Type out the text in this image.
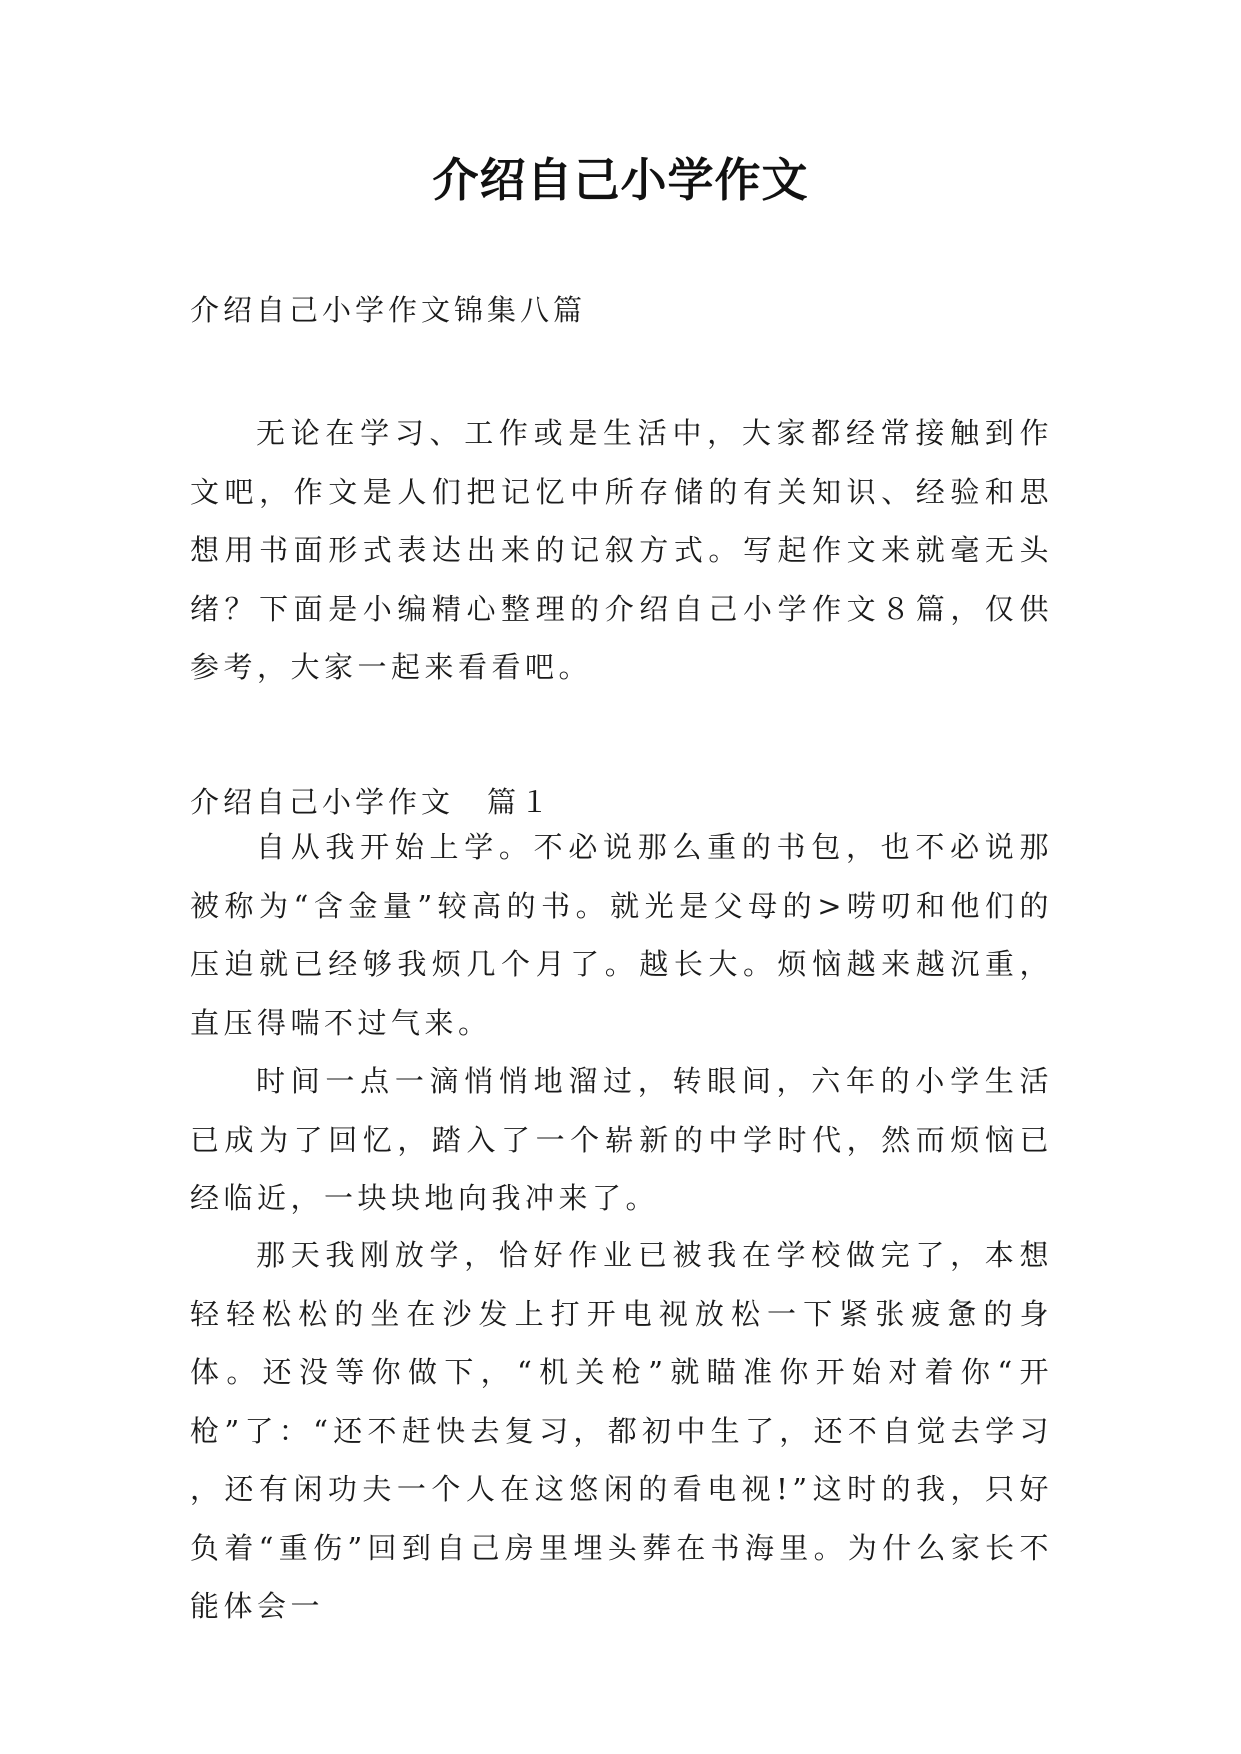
介绍自己小学作文
介绍自己小学作文锦集八篇

无论在学习、工作或是生活中，大家都经常接触到作文吧，作文是人们把记忆中所存储的有关知识、经验和思想用书面形式表达出来的记叙方式。写起作文来就毫无头绪？下面是小编精心整理的介绍自己小学作文８篇，仅供参考，大家一起来看看吧。

介绍自己小学作文　篇１

自从我开始上学。不必说那么重的书包，也不必说那被称为“含金量”较高的书。就光是父母的>唠叨和他们的压迫就已经够我烦几个月了。越长大。烦恼越来越沉重，直压得喘不过气来。

时间一点一滴悄悄地溜过，转眼间，六年的小学生活已成为了回忆，踏入了一个崭新的中学时代，然而烦恼已经临近，一块块地向我冲来了。

那天我刚放学，恰好作业已被我在学校做完了，本想轻轻松松的坐在沙发上打开电视放松一下紧张疲惫的身体。还没等你做下，“机关枪”就瞄准你开始对着你“开枪”了：“还不赶快去复习，都初中生了，还不自觉去学习 ，还有闲功夫一个人在这悠闲的看电视!”这时的我，只好负着“重伤”回到自己房里埋头葬在书海里。为什么家长不能体会一
